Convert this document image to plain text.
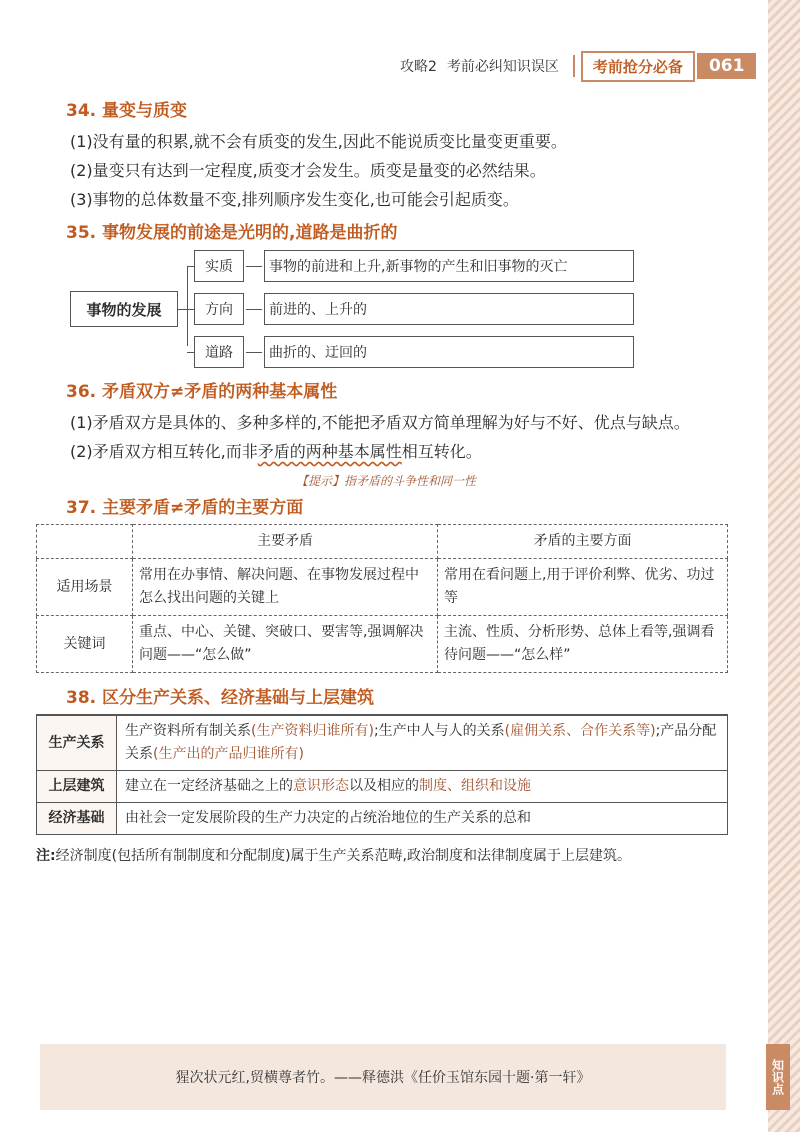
攻略2 考前必纠知识误区	考前抢分必备	061
34. 量变与质变
(1)没有量的积累,就不会有质变的发生,因此不能说质变比量变更重要。
(2)量变只有达到一定程度,质变才会发生。质变是量变的必然结果。
(3)事物的总体数量不变,排列顺序发生变化,也可能会引起质变。
35. 事物发展的前途是光明的,道路是曲折的
事物的发展
实质	事物的前进和上升,新事物的产生和旧事物的灭亡
方向	前进的、上升的
道路	曲折的、迂回的
36. 矛盾双方≠矛盾的两种基本属性
(1)矛盾双方是具体的、多种多样的,不能把矛盾双方简单理解为好与不好、优点与缺点。
(2)矛盾双方相互转化,而非矛盾的两种基本属性相互转化。
【提示】指矛盾的斗争性和同一性
37. 主要矛盾≠矛盾的主要方面
	主要矛盾	矛盾的主要方面
适用场景	常用在办事情、解决问题、在事物发展过程中怎么找出问题的关键上	常用在看问题上,用于评价利弊、优劣、功过等
关键词	重点、中心、关键、突破口、要害等,强调解决问题——“怎么做”	主流、性质、分析形势、总体上看等,强调看待问题——“怎么样”
38. 区分生产关系、经济基础与上层建筑
生产关系	生产资料所有制关系(生产资料归谁所有);生产中人与人的关系(雇佣关系、合作关系等);产品分配关系(生产出的产品归谁所有)
上层建筑	建立在一定经济基础之上的意识形态以及相应的制度、组织和设施
经济基础	由社会一定发展阶段的生产力决定的占统治地位的生产关系的总和
注:经济制度(包括所有制制度和分配制度)属于生产关系范畴,政治制度和法律制度属于上层建筑。
猩次状元红,贸横尊者竹。——释德洪《任价玉馆东园十题·第一轩》	知识点
